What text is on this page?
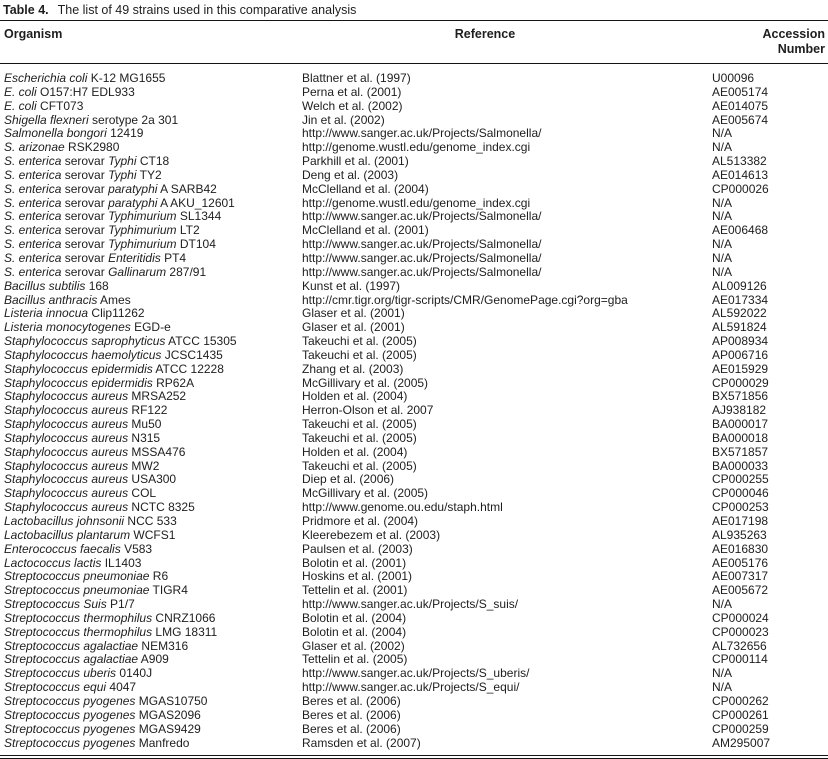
Table 4. The list of 49 strains used in this comparative analysis
Organism	Reference	Accession Number
Escherichia coli K-12 MG1655	Blattner et al. (1997)	U00096
E. coli O157:H7 EDL933	Perna et al. (2001)	AE005174
E. coli CFT073	Welch et al. (2002)	AE014075
Shigella flexneri serotype 2a 301	Jin et al. (2002)	AE005674
Salmonella bongori 12419	http://www.sanger.ac.uk/Projects/Salmonella/	N/A
S. arizonae RSK2980	http://genome.wustl.edu/genome_index.cgi	N/A
S. enterica serovar Typhi CT18	Parkhill et al. (2001)	AL513382
S. enterica serovar Typhi TY2	Deng et al. (2003)	AE014613
S. enterica serovar paratyphi A SARB42	McClelland et al. (2004)	CP000026
S. enterica serovar paratyphi A AKU_12601	http://genome.wustl.edu/genome_index.cgi	N/A
S. enterica serovar Typhimurium SL1344	http://www.sanger.ac.uk/Projects/Salmonella/	N/A
S. enterica serovar Typhimurium LT2	McClelland et al. (2001)	AE006468
S. enterica serovar Typhimurium DT104	http://www.sanger.ac.uk/Projects/Salmonella/	N/A
S. enterica serovar Enteritidis PT4	http://www.sanger.ac.uk/Projects/Salmonella/	N/A
S. enterica serovar Gallinarum 287/91	http://www.sanger.ac.uk/Projects/Salmonella/	N/A
Bacillus subtilis 168	Kunst et al. (1997)	AL009126
Bacillus anthracis Ames	http://cmr.tigr.org/tigr-scripts/CMR/GenomePage.cgi?org=gba	AE017334
Listeria innocua Clip11262	Glaser et al. (2001)	AL592022
Listeria monocytogenes EGD-e	Glaser et al. (2001)	AL591824
Staphylococcus saprophyticus ATCC 15305	Takeuchi et al. (2005)	AP008934
Staphylococcus haemolyticus JCSC1435	Takeuchi et al. (2005)	AP006716
Staphylococcus epidermidis ATCC 12228	Zhang et al. (2003)	AE015929
Staphylococcus epidermidis RP62A	McGillivary et al. (2005)	CP000029
Staphylococcus aureus MRSA252	Holden et al. (2004)	BX571856
Staphylococcus aureus RF122	Herron-Olson et al. 2007	AJ938182
Staphylococcus aureus Mu50	Takeuchi et al. (2005)	BA000017
Staphylococcus aureus N315	Takeuchi et al. (2005)	BA000018
Staphylococcus aureus MSSA476	Holden et al. (2004)	BX571857
Staphylococcus aureus MW2	Takeuchi et al. (2005)	BA000033
Staphylococcus aureus USA300	Diep et al. (2006)	CP000255
Staphylococcus aureus COL	McGillivary et al. (2005)	CP000046
Staphylococcus aureus NCTC 8325	http://www.genome.ou.edu/staph.html	CP000253
Lactobacillus johnsonii NCC 533	Pridmore et al. (2004)	AE017198
Lactobacillus plantarum WCFS1	Kleerebezem et al. (2003)	AL935263
Enterococcus faecalis V583	Paulsen et al. (2003)	AE016830
Lactococcus lactis IL1403	Bolotin et al. (2001)	AE005176
Streptococcus pneumoniae R6	Hoskins et al. (2001)	AE007317
Streptococcus pneumoniae TIGR4	Tettelin et al. (2001)	AE005672
Streptococcus Suis P1/7	http://www.sanger.ac.uk/Projects/S_suis/	N/A
Streptococcus thermophilus CNRZ1066	Bolotin et al. (2004)	CP000024
Streptococcus thermophilus LMG 18311	Bolotin et al. (2004)	CP000023
Streptococcus agalactiae NEM316	Glaser et al. (2002)	AL732656
Streptococcus agalactiae A909	Tettelin et al. (2005)	CP000114
Streptococcus uberis 0140J	http://www.sanger.ac.uk/Projects/S_uberis/	N/A
Streptococcus equi 4047	http://www.sanger.ac.uk/Projects/S_equi/	N/A
Streptococcus pyogenes MGAS10750	Beres et al. (2006)	CP000262
Streptococcus pyogenes MGAS2096	Beres et al. (2006)	CP000261
Streptococcus pyogenes MGAS9429	Beres et al. (2006)	CP000259
Streptococcus pyogenes Manfredo	Ramsden et al. (2007)	AM295007
